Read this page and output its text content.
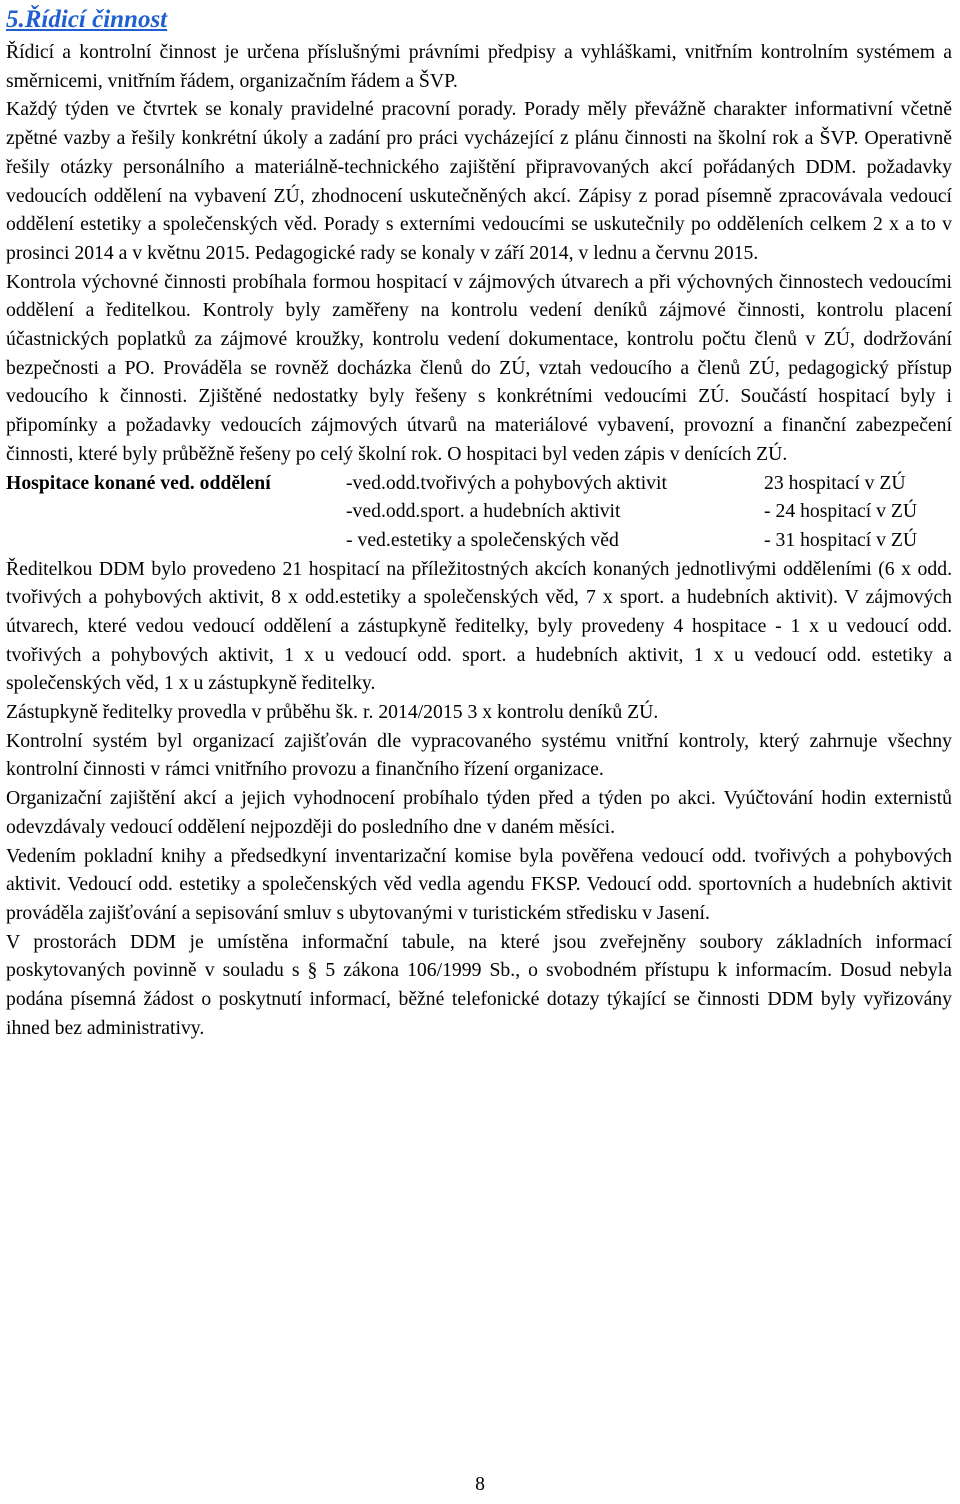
5.Řídicí činnost

Řídicí a kontrolní činnost je určena příslušnými právními předpisy a vyhláškami, vnitřním kontrolním systémem a směrnicemi, vnitřním řádem, organizačním řádem a ŠVP.

Každý týden ve čtvrtek se konaly pravidelné pracovní porady. Porady měly převážně charakter informativní včetně zpětné vazby a řešily konkrétní úkoly a zadání pro práci vycházející z plánu činnosti na školní rok a ŠVP. Operativně řešily otázky personálního a materiálně-technického zajištění připravovaných akcí pořádaných DDM. požadavky vedoucích oddělení na vybavení ZÚ, zhodnocení uskutečněných akcí. Zápisy z porad písemně zpracovávala vedoucí oddělení estetiky a společenských věd. Porady s externími vedoucími se uskutečnily po odděleních celkem 2 x a to v prosinci 2014 a v květnu 2015. Pedagogické rady se konaly v září 2014, v lednu a červnu 2015.

Kontrola výchovné činnosti probíhala formou hospitací v zájmových útvarech a při výchovných činnostech vedoucími oddělení a ředitelkou. Kontroly byly zaměřeny na kontrolu vedení deníků zájmové činnosti, kontrolu placení účastnických poplatků za zájmové kroužky, kontrolu vedení dokumentace, kontrolu počtu členů v ZÚ, dodržování bezpečnosti a PO. Prováděla se rovněž docházka členů do ZÚ, vztah vedoucího a členů ZÚ, pedagogický přístup vedoucího k činnosti. Zjištěné nedostatky byly řešeny s konkrétními vedoucími ZÚ. Součástí hospitací byly i připomínky a požadavky vedoucích zájmových útvarů na materiálové vybavení, provozní a finanční zabezpečení činnosti, které byly průběžně řešeny po celý školní rok. O hospitaci byl veden zápis v denících ZÚ.

Hospitace konané ved. oddělení	-ved.odd.tvořivých a pohybových aktivit	23 hospitací v ZÚ
-ved.odd.sport. a hudebních aktivit	- 24 hospitací v ZÚ
- ved.estetiky a společenských věd	- 31 hospitací v ZÚ

Ředitelkou DDM bylo provedeno 21 hospitací na příležitostných akcích konaných jednotlivými odděleními (6 x odd. tvořivých a pohybových aktivit, 8 x odd.estetiky a společenských věd, 7 x sport. a hudebních aktivit). V zájmových útvarech, které vedou vedoucí oddělení a zástupkyně ředitelky, byly provedeny 4 hospitace - 1 x u vedoucí odd. tvořivých a pohybových aktivit, 1 x u vedoucí odd. sport. a hudebních aktivit, 1 x u vedoucí odd. estetiky a společenských věd, 1 x u zástupkyně ředitelky.

Zástupkyně ředitelky provedla v průběhu šk. r. 2014/2015 3 x kontrolu deníků ZÚ.

Kontrolní systém byl organizací zajišťován dle vypracovaného systému vnitřní kontroly, který zahrnuje všechny kontrolní činnosti v rámci vnitřního provozu a finančního řízení organizace.

Organizační zajištění akcí a jejich vyhodnocení probíhalo týden před a týden po akci. Vyúčtování hodin externistů odevzdávaly vedoucí oddělení nejpozději do posledního dne v daném měsíci.

Vedením pokladní knihy a předsedkyní inventarizační komise byla pověřena vedoucí odd. tvořivých a pohybových aktivit. Vedoucí odd. estetiky a společenských věd vedla agendu FKSP. Vedoucí odd. sportovních a hudebních aktivit prováděla zajišťování a sepisování smluv s ubytovanými v turistickém středisku v Jasení.

V prostorách DDM je umístěna informační tabule, na které jsou zveřejněny soubory základních informací poskytovaných povinně v souladu s § 5 zákona 106/1999 Sb., o svobodném přístupu k informacím. Dosud nebyla podána písemná žádost o poskytnutí informací, běžné telefonické dotazy týkající se činnosti DDM byly vyřizovány ihned bez administrativy.

8
